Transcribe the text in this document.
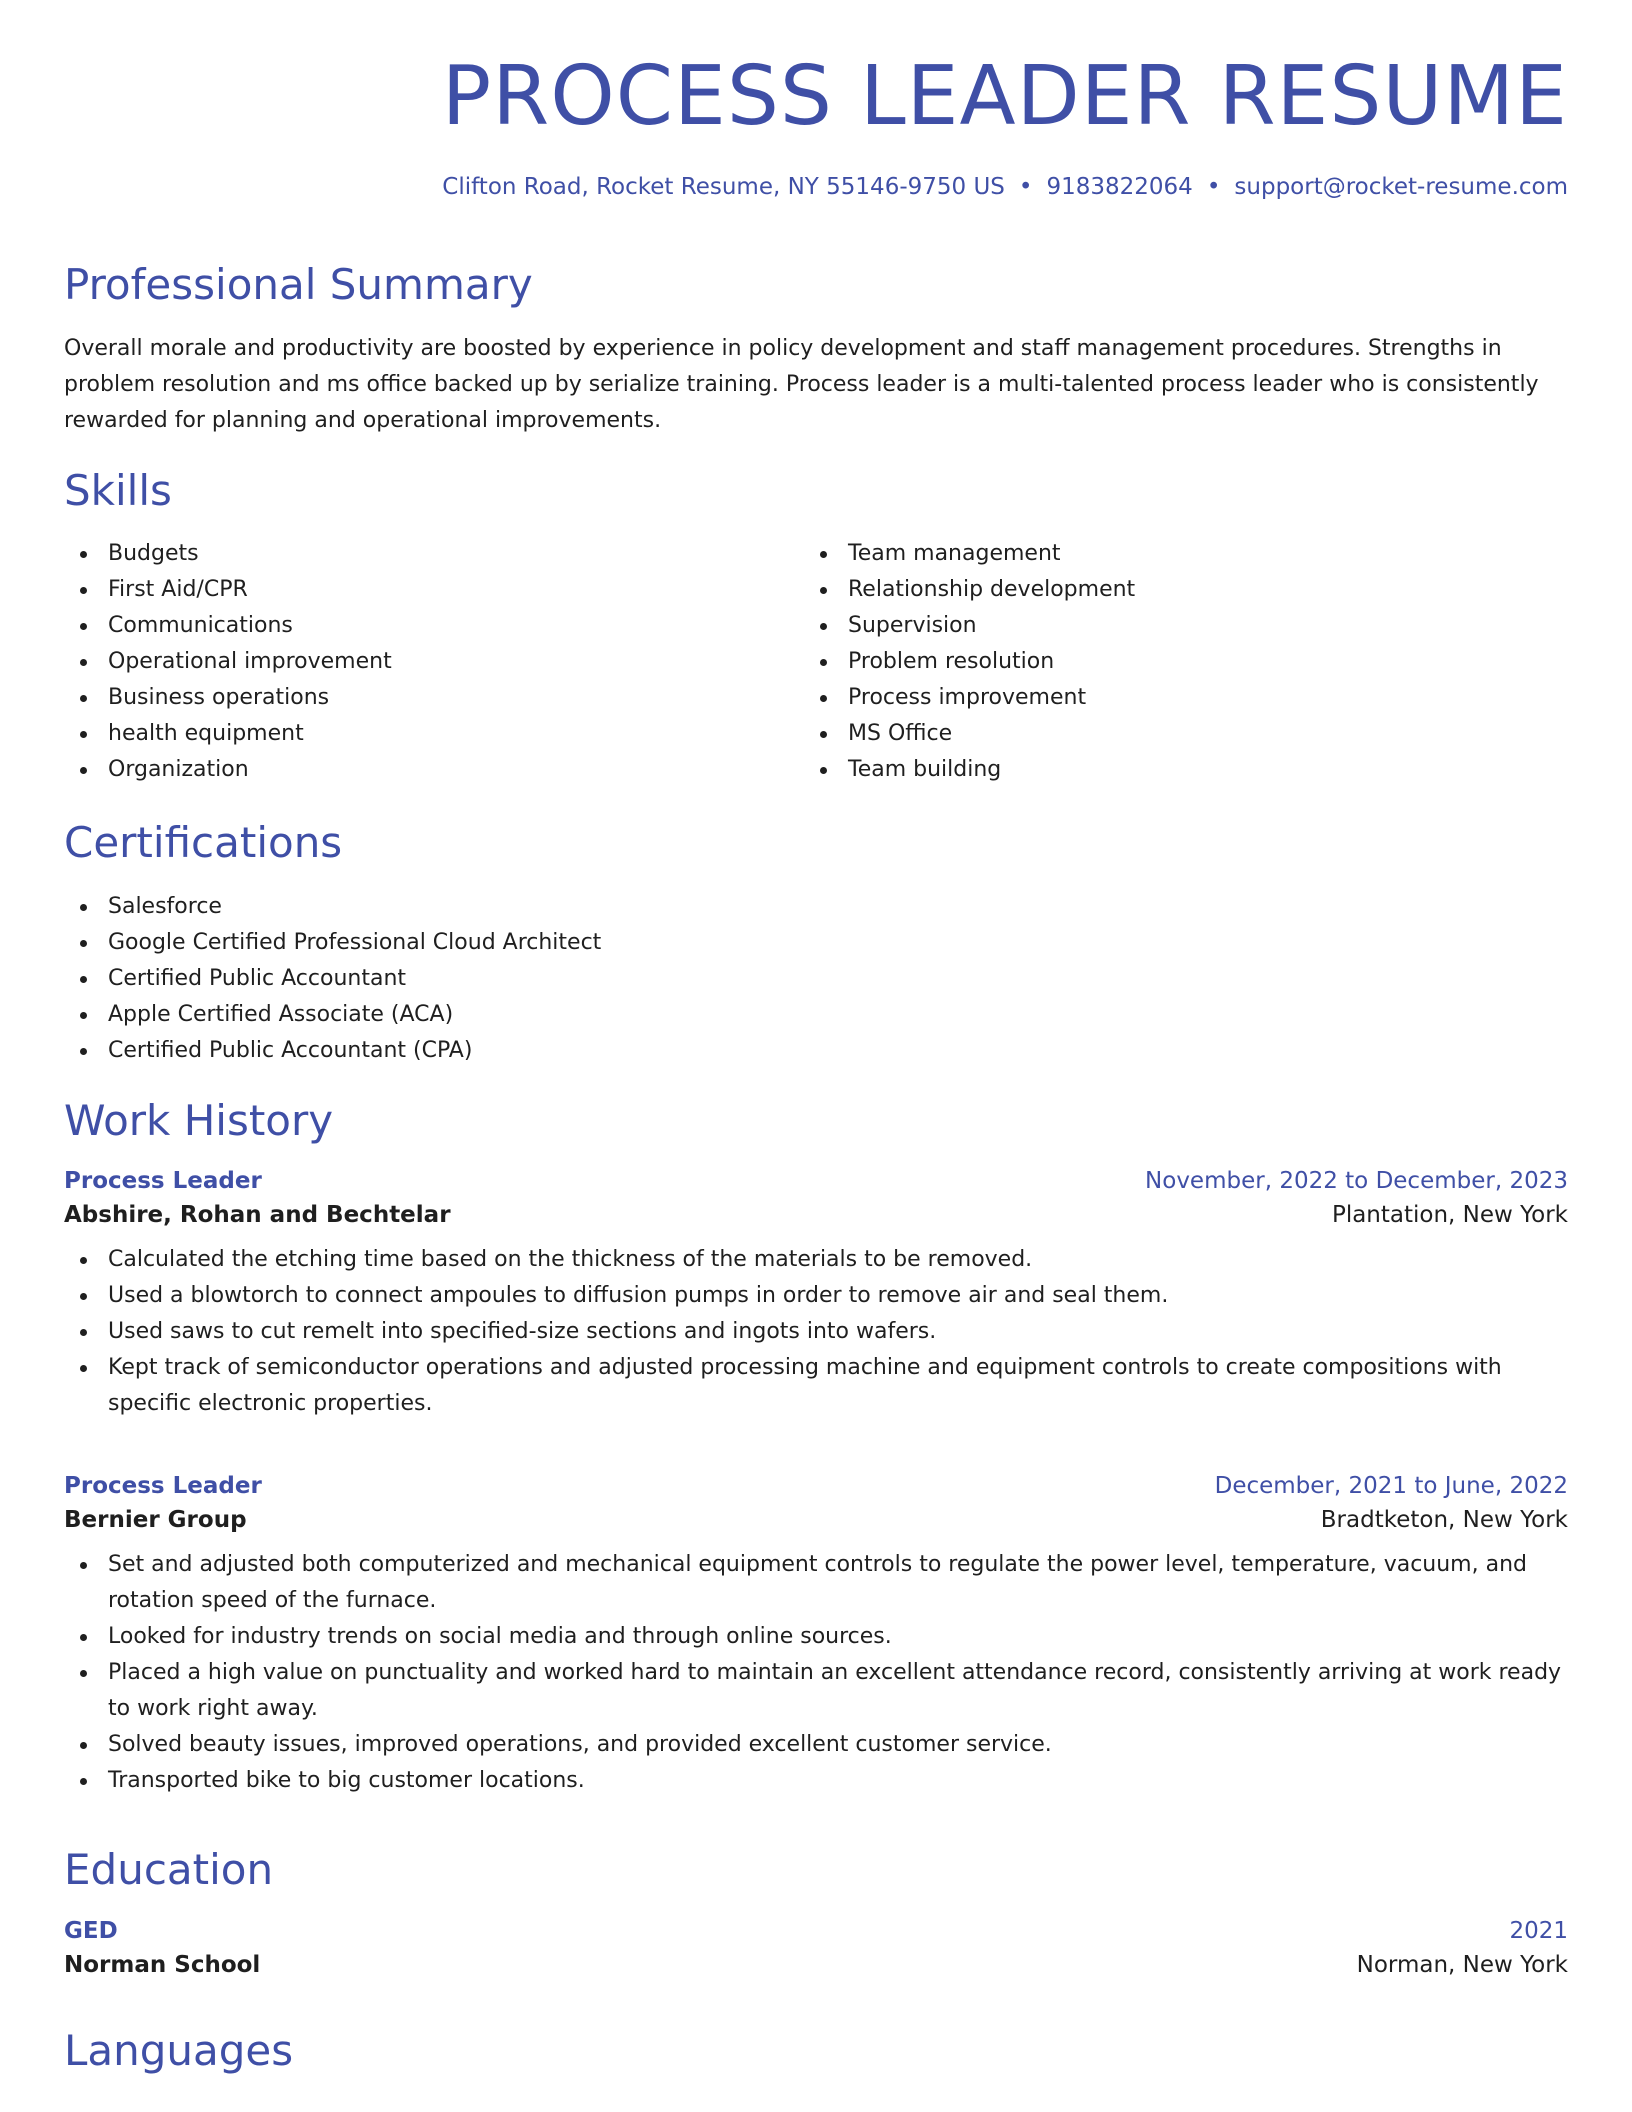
PROCESS LEADER RESUME
Clifton Road, Rocket Resume, NY 55146-9750 US • 9183822064 • support@rocket-resume.com
Professional Summary

Overall morale and productivity are boosted by experience in policy development and staff management procedures. Strengths in problem resolution and ms office backed up by serialize training. Process leader is a multi-talented process leader who is consistently rewarded for planning and operational improvements.

Skills
Budgets
First Aid/CPR
Communications
Operational improvement
Business operations
health equipment
Organization
Team management
Relationship development
Supervision
Problem resolution
Process improvement
MS Office
Team building
Certifications
Salesforce
Google Certified Professional Cloud Architect
Certified Public Accountant
Apple Certified Associate (ACA)
Certified Public Accountant (CPA)
Work History
Process Leader	November, 2022 to December, 2023
Abshire, Rohan and Bechtelar	Plantation, New York
Calculated the etching time based on the thickness of the materials to be removed.
Used a blowtorch to connect ampoules to diffusion pumps in order to remove air and seal them.
Used saws to cut remelt into specified-size sections and ingots into wafers.
Kept track of semiconductor operations and adjusted processing machine and equipment controls to create compositions with specific electronic properties.
Process Leader	December, 2021 to June, 2022
Bernier Group	Bradtketon, New York
Set and adjusted both computerized and mechanical equipment controls to regulate the power level, temperature, vacuum, and rotation speed of the furnace.
Looked for industry trends on social media and through online sources.
Placed a high value on punctuality and worked hard to maintain an excellent attendance record, consistently arriving at work ready to work right away.
Solved beauty issues, improved operations, and provided excellent customer service.
Transported bike to big customer locations.
Education
GED	2021
Norman School	Norman, New York
Languages
